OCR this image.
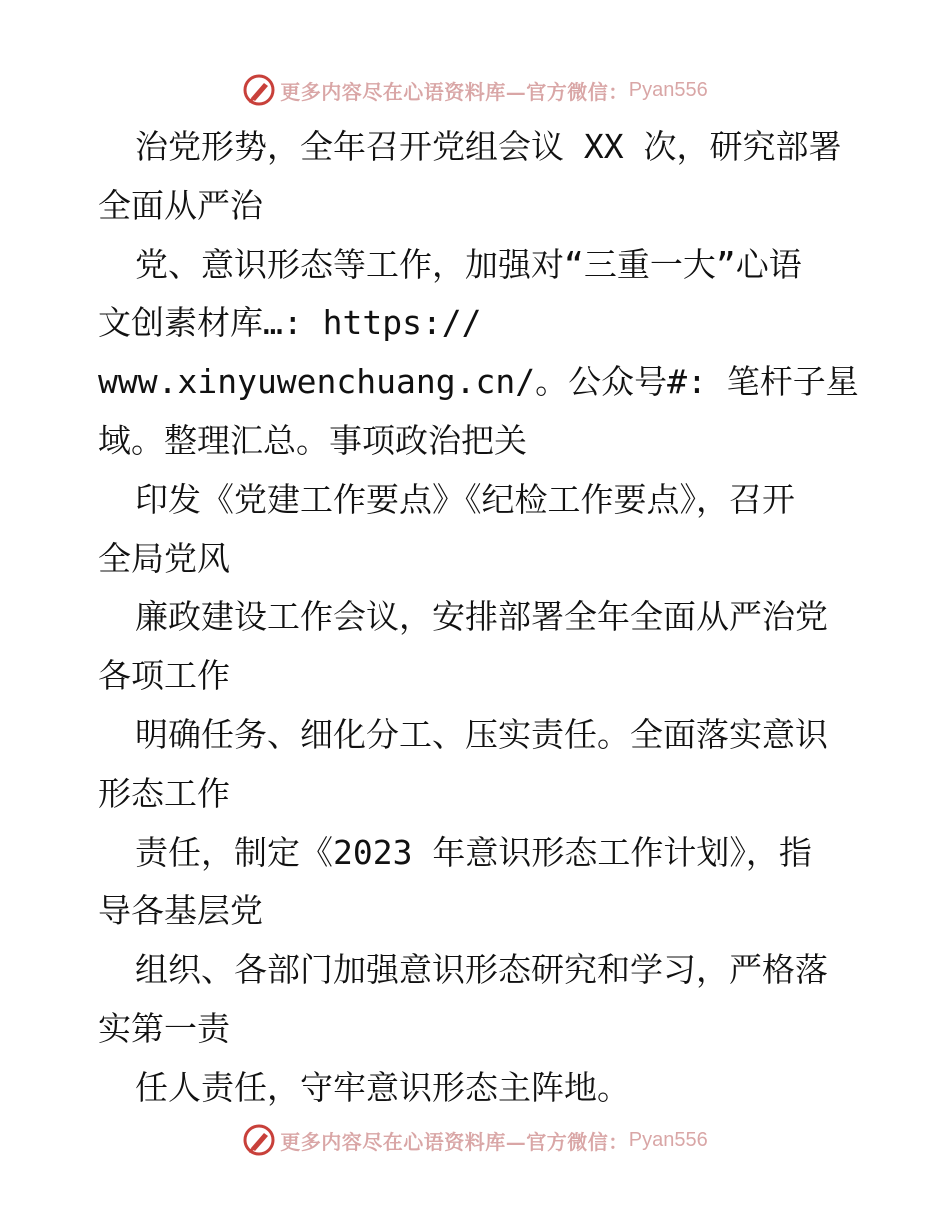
更多内容尽在心语资料库—官方微信： Pyan556
治党形势，全年召开党组会议 XX 次，研究部署
全面从严治
党、意识形态等工作，加强对“三重一大”心语
文创素材库…: https://
www.xinyuwenchuang.cn/。公众号#: 笔杆子星
域。整理汇总。事项政治把关
印发《党建工作要点》《纪检工作要点》，召开
全局党风
廉政建设工作会议，安排部署全年全面从严治党
各项工作
明确任务、细化分工、压实责任。全面落实意识
形态工作
责任，制定《2023 年意识形态工作计划》，指
导各基层党
组织、各部门加强意识形态研究和学习，严格落
实第一责
任人责任，守牢意识形态主阵地。
更多内容尽在心语资料库—官方微信： Pyan556
